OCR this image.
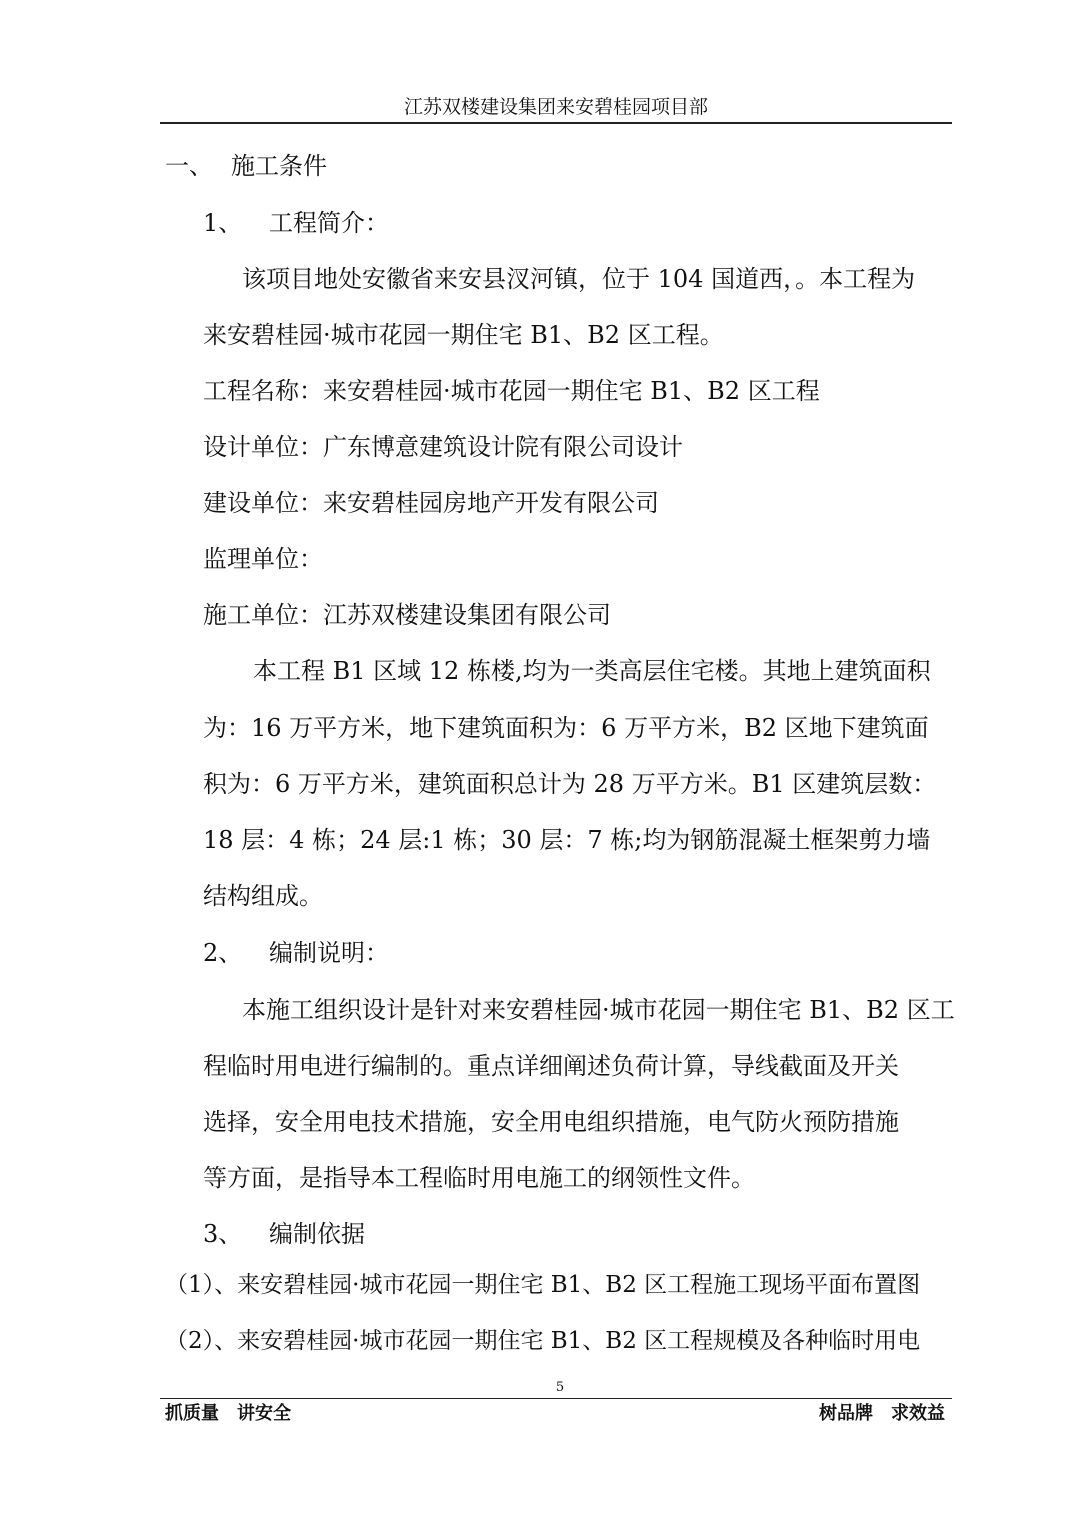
江苏双楼建设集团来安碧桂园项目部
一、 施工条件
1、 工程简介：
该项目地处安徽省来安县汊河镇，位于 104 国道西，。本工程为
来安碧桂园·城市花园一期住宅 B1、B2 区工程。
工程名称：来安碧桂园·城市花园一期住宅 B1、B2 区工程
设计单位：广东博意建筑设计院有限公司设计
建设单位：来安碧桂园房地产开发有限公司
监理单位：
施工单位：江苏双楼建设集团有限公司
本工程 B1 区域 12 栋楼,均为一类高层住宅楼。其地上建筑面积
为：16 万平方米，地下建筑面积为：6 万平方米，B2 区地下建筑面
积为：6 万平方米，建筑面积总计为 28 万平方米。B1 区建筑层数：
18 层：4 栋；24 层:1 栋；30 层：7 栋;均为钢筋混凝土框架剪力墙
结构组成。
2、 编制说明：
本施工组织设计是针对来安碧桂园·城市花园一期住宅 B1、B2 区工
程临时用电进行编制的。重点详细阐述负荷计算，导线截面及开关
选择，安全用电技术措施，安全用电组织措施，电气防火预防措施
等方面，是指导本工程临时用电施工的纲领性文件。
3、 编制依据
（1）、来安碧桂园·城市花园一期住宅 B1、B2 区工程施工现场平面布置图
（2）、来安碧桂园·城市花园一期住宅 B1、B2 区工程规模及各种临时用电
5
抓质量　讲安全	树品牌　求效益
